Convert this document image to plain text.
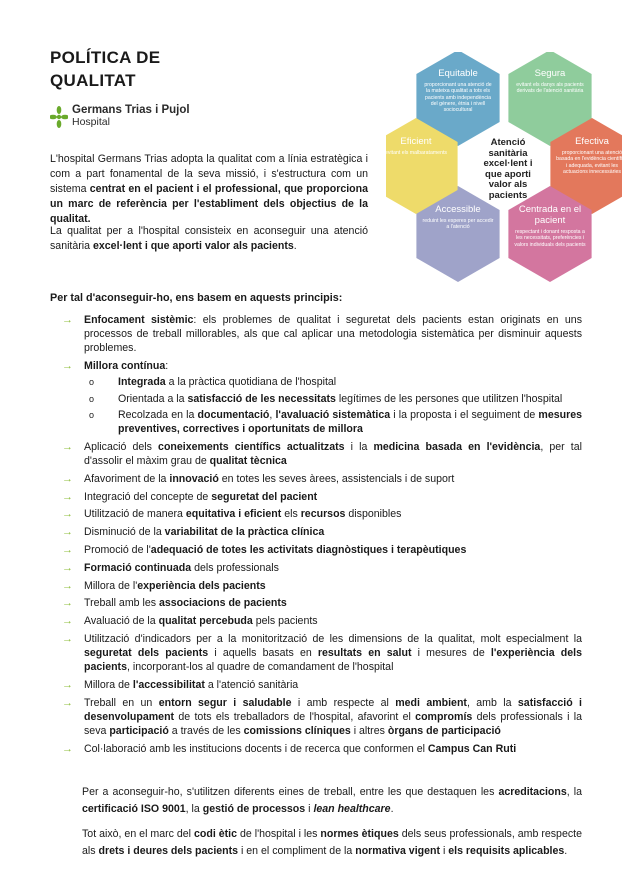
POLÍTICA DE QUALITAT
Germans Trias i Pujol
Hospital
L'hospital Germans Trias adopta la qualitat com a línia estratègica i com a part fonamental de la seva missió, i s'estructura com un sistema centrat en el pacient i el professional, que proporciona un marc de referència per l'establiment dels objectius de la qualitat.
La qualitat per a l'hospital consisteix en aconseguir una atenció sanitària excel·lent i que aporti valor als pacients.
Atenció sanitària excel·lent i que aporti valor als pacients
Equitable
proporcionant una atenció de la mateixa qualitat a tots els pacients amb independència del gènere, ètnia i nivell sociocultural
Segura
evitant els danys als pacients derivats de l'atenció sanitària
Efectiva
proporcionant una atenció basada en l'evidència científica i adequada, evitant les actuacions innecessàries
Centrada en el pacient
respectant i donant resposta a les necessitats, preferències i valors individuals dels pacients
Accessible
reduint les esperes per accedir a l'atenció
Eficient
evitant els malbarataments
Per tal d'aconseguir-ho, ens basem en aquests principis:
→ Enfocament sistèmic: els problemes de qualitat i seguretat dels pacients estan originats en uns processos de treball millorables, als que cal aplicar una metodologia sistemàtica per disminuir aquests problemes.
→ Millora contínua:
o Integrada a la pràctica quotidiana de l'hospital
o Orientada a la satisfacció de les necessitats legítimes de les persones que utilitzen l'hospital
o Recolzada en la documentació, l'avaluació sistemàtica i la proposta i el seguiment de mesures preventives, correctives i oportunitats de millora
→ Aplicació dels coneixements científics actualitzats i la medicina basada en l'evidència, per tal d'assolir el màxim grau de qualitat tècnica
→ Afavoriment de la innovació en totes les seves àrees, assistencials i de suport
→ Integració del concepte de seguretat del pacient
→ Utilització de manera equitativa i eficient els recursos disponibles
→ Disminució de la variabilitat de la pràctica clínica
→ Promoció de l'adequació de totes les activitats diagnòstiques i terapèutiques
→ Formació continuada dels professionals
→ Millora de l'experiència dels pacients
→ Treball amb les associacions de pacients
→ Avaluació de la qualitat percebuda pels pacients
→ Utilització d'indicadors per a la monitorització de les dimensions de la qualitat, molt especialment la seguretat dels pacients i aquells basats en resultats en salut i mesures de l'experiència dels pacients, incorporant-los al quadre de comandament de l'hospital
→ Millora de l'accessibilitat a l'atenció sanitària
→ Treball en un entorn segur i saludable i amb respecte al medi ambient, amb la satisfacció i desenvolupament de tots els treballadors de l'hospital, afavorint el compromís dels professionals i la seva participació a través de les comissions clíniques i altres òrgans de participació
→ Col·laboració amb les institucions docents i de recerca que conformen el Campus Can Ruti
Per a aconseguir-ho, s'utilitzen diferents eines de treball, entre les que destaquen les acreditacions, la certificació ISO 9001, la gestió de processos i lean healthcare.
Tot això, en el marc del codi ètic de l'hospital i les normes ètiques dels seus professionals, amb respecte als drets i deures dels pacients i en el compliment de la normativa vigent i els requisits aplicables.
